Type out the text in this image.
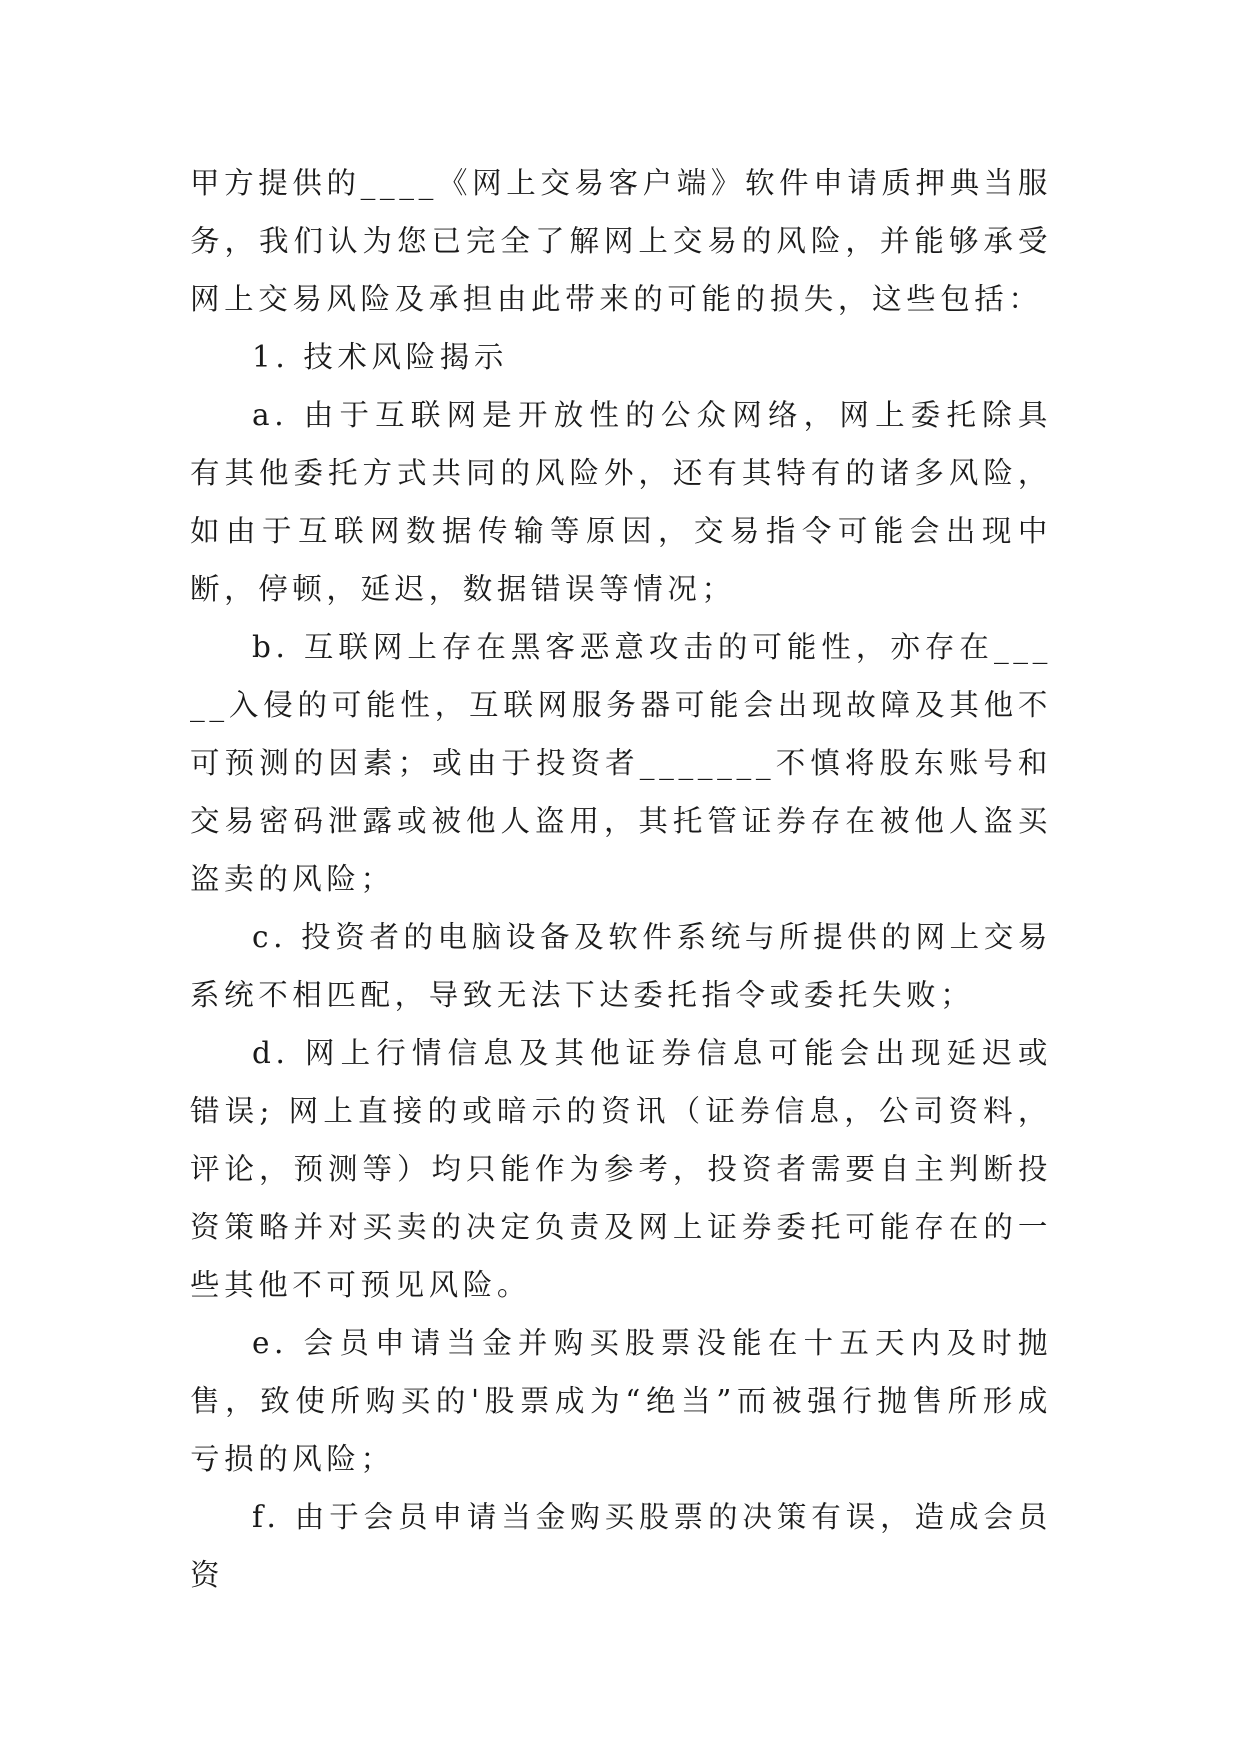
甲方提供的____《网上交易客户端》软件申请质押典当服务，我们认为您已完全了解网上交易的风险，并能够承受网上交易风险及承担由此带来的可能的损失，这些包括：

1. 技术风险揭示

a. 由于互联网是开放性的公众网络，网上委托除具有其他委托方式共同的风险外，还有其特有的诸多风险，如由于互联网数据传输等原因，交易指令可能会出现中断，停顿，延迟，数据错误等情况；

b. 互联网上存在黑客恶意攻击的可能性，亦存在_____入侵的可能性，互联网服务器可能会出现故障及其他不可预测的因素；或由于投资者_______不慎将股东账号和交易密码泄露或被他人盗用，其托管证券存在被他人盗买盗卖的风险；

c. 投资者的电脑设备及软件系统与所提供的网上交易系统不相匹配，导致无法下达委托指令或委托失败；

d. 网上行情信息及其他证券信息可能会出现延迟或错误; 网上直接的或暗示的资讯（证券信息，公司资料，评论，预测等）均只能作为参考，投资者需要自主判断投资策略并对买卖的决定负责及网上证券委托可能存在的一些其他不可预见风险。

e. 会员申请当金并购买股票没能在十五天内及时抛售，致使所购买的'股票成为“绝当”而被强行抛售所形成亏损的风险；

f. 由于会员申请当金购买股票的决策有误，造成会员资
